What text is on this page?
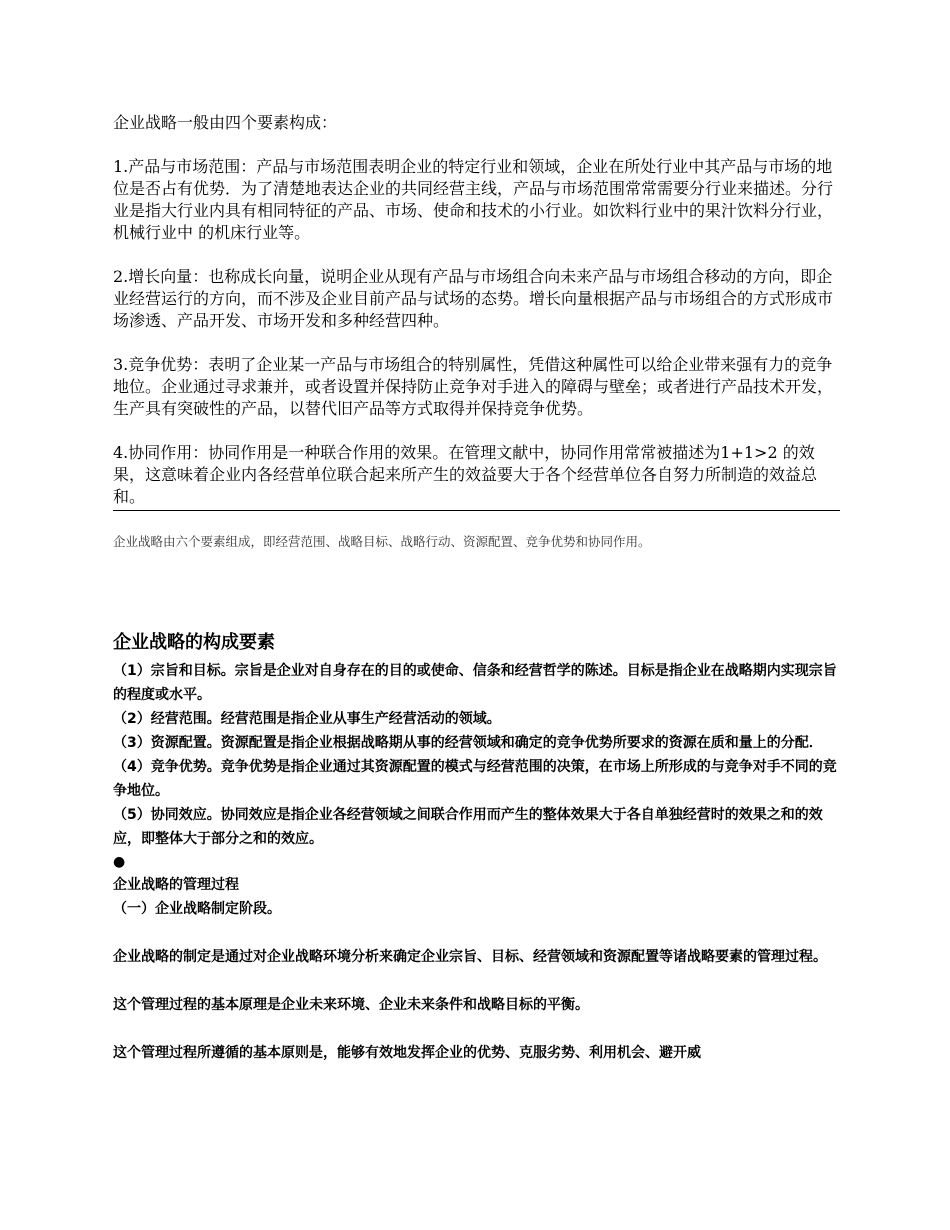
企业战略一般由四个要素构成：

1.产品与市场范围：产品与市场范围表明企业的特定行业和领域，企业在所处行业中其产品与市场的地位是否占有优势．为了清楚地表达企业的共同经营主线，产品与市场范围常常需要分行业来描述。分行业是指大行业内具有相同特征的产品、市场、使命和技术的小行业。如饮料行业中的果汁饮料分行业，机械行业中 的机床行业等。

2.增长向量：也称成长向量，说明企业从现有产品与市场组合向未来产品与市场组合移动的方向，即企业经营运行的方向，而不涉及企业目前产品与试场的态势。增长向量根据产品与市场组合的方式形成市场渗透、产品开发、市场开发和多种经营四种。

3.竞争优势：表明了企业某一产品与市场组合的特别属性，凭借这种属性可以给企业带来强有力的竞争地位。企业通过寻求兼并，或者设置并保持防止竞争对手进入的障碍与壁垒；或者进行产品技术开发，生产具有突破性的产品，以替代旧产品等方式取得并保持竞争优势。

4.协同作用：协同作用是一种联合作用的效果。在管理文献中，协同作用常常被描述为1+1>2 的效果，这意味着企业内各经营单位联合起来所产生的效益要大于各个经营单位各自努力所制造的效益总和。

企业战略由六个要素组成，即经营范围、战略目标、战略行动、资源配置、竞争优势和协同作用。

企业战略的构成要素

（1）宗旨和目标。宗旨是企业对自身存在的目的或使命、信条和经营哲学的陈述。目标是指企业在战略期内实现宗旨的程度或水平。

（2）经营范围。经营范围是指企业从事生产经营活动的领域。

（3）资源配置。资源配置是指企业根据战略期从事的经营领域和确定的竞争优势所要求的资源在质和量上的分配．

（4）竞争优势。竞争优势是指企业通过其资源配置的模式与经营范围的决策，在市场上所形成的与竞争对手不同的竞争地位。

（5）协同效应。协同效应是指企业各经营领域之间联合作用而产生的整体效果大于各自单独经营时的效果之和的效应，即整体大于部分之和的效应。

●

企业战略的管理过程

（一）企业战略制定阶段。

企业战略的制定是通过对企业战略环境分析来确定企业宗旨、目标、经营领域和资源配置等诸战略要素的管理过程。

这个管理过程的基本原理是企业未来环境、企业未来条件和战略目标的平衡。

这个管理过程所遵循的基本原则是，能够有效地发挥企业的优势、克服劣势、利用机会、避开威
